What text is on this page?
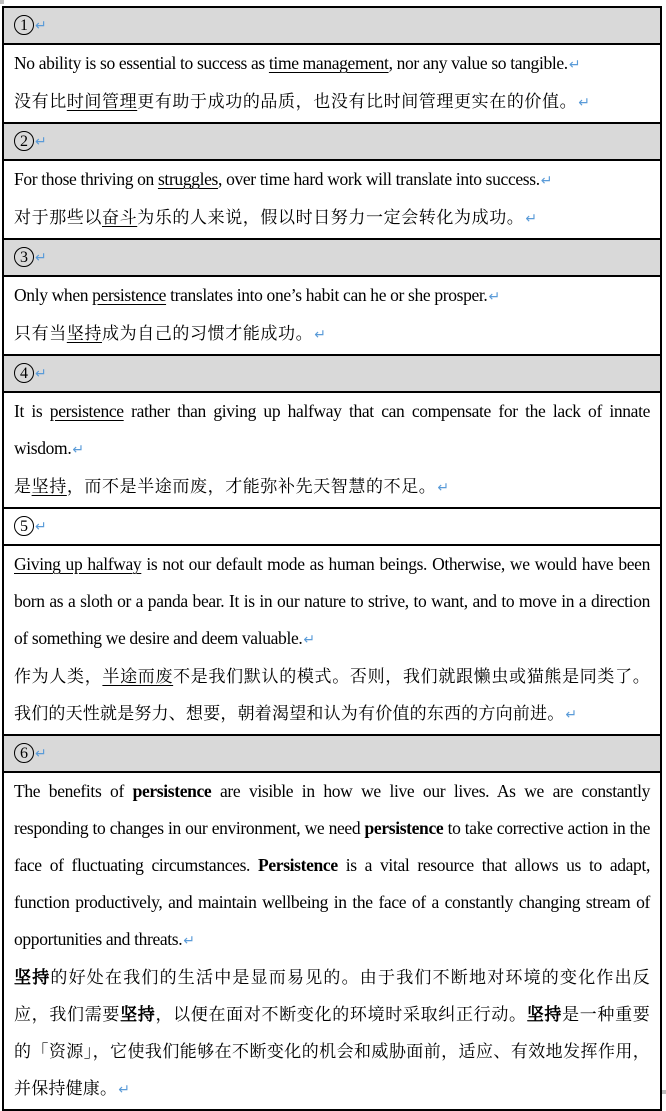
1 ↵

No ability is so essential to success as time management, nor any value so tangible.↵
没有比时间管理更有助于成功的品质，也没有比时间管理更实在的价值。↵

2 ↵

For those thriving on struggles, over time hard work will translate into success.↵
对于那些以奋斗为乐的人来说，假以时日努力一定会转化为成功。↵

3 ↵

Only when persistence translates into one’s habit can he or she prosper.↵
只有当坚持成为自己的习惯才能成功。↵

4 ↵

It is persistence rather than giving up halfway that can compensate for the lack of innate wisdom.↵
是坚持，而不是半途而废，才能弥补先天智慧的不足。↵

5 ↵

Giving up halfway is not our default mode as human beings. Otherwise, we would have been born as a sloth or a panda bear. It is in our nature to strive, to want, and to move in a direction of something we desire and deem valuable.↵
作为人类，半途而废不是我们默认的模式。否则，我们就跟懒虫或猫熊是同类了。我们的天性就是努力、想要，朝着渴望和认为有价值的东西的方向前进。↵

6 ↵

The benefits of persistence are visible in how we live our lives. As we are constantly responding to changes in our environment, we need persistence to take corrective action in the face of fluctuating circumstances. Persistence is a vital resource that allows us to adapt, function productively, and maintain wellbeing in the face of a constantly changing stream of opportunities and threats.↵
坚持的好处在我们的生活中是显而易见的。由于我们不断地对环境的变化作出反应，我们需要坚持，以便在面对不断变化的环境时采取纠正行动。坚持是一种重要的「资源」，它使我们能够在不断变化的机会和威胁面前，适应、有效地发挥作用，并保持健康。↵
